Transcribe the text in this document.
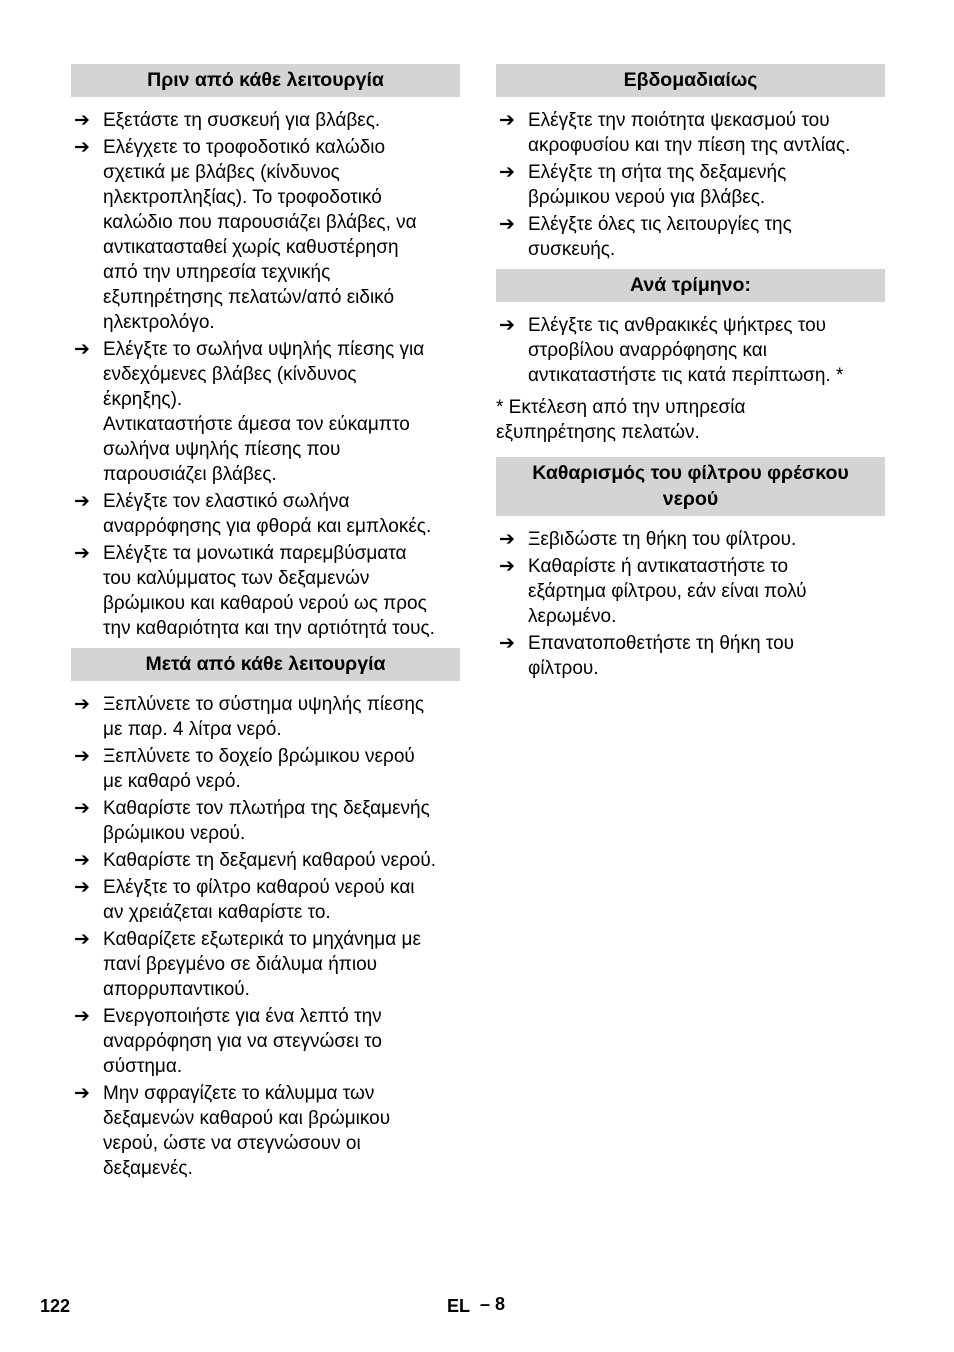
Πριν από κάθε λειτουργία
➔ Εξετάστε τη συσκευή για βλάβες.
➔ Ελέγχετε το τροφοδοτικό καλώδιο
σχετικά με βλάβες (κίνδυνος
ηλεκτροπληξίας). Το τροφοδοτικό
καλώδιο που παρουσιάζει βλάβες, να
αντικατασταθεί χωρίς καθυστέρηση
από την υπηρεσία τεχνικής
εξυπηρέτησης πελατών/από ειδικό
ηλεκτρολόγο.
➔ Ελέγξτε το σωλήνα υψηλής πίεσης για
ενδεχόμενες βλάβες (κίνδυνος
έκρηξης).
Αντικαταστήστε άμεσα τον εύκαμπτο
σωλήνα υψηλής πίεσης που
παρουσιάζει βλάβες.
➔ Ελέγξτε τον ελαστικό σωλήνα
αναρρόφησης για φθορά και εμπλοκές.
➔ Ελέγξτε τα μονωτικά παρεμβύσματα
του καλύμματος των δεξαμενών
βρώμικου και καθαρού νερού ως προς
την καθαριότητα και την αρτιότητά τους.
Μετά από κάθε λειτουργία
➔ Ξεπλύνετε το σύστημα υψηλής πίεσης
με παρ. 4 λίτρα νερό.
➔ Ξεπλύνετε το δοχείο βρώμικου νερού
με καθαρό νερό.
➔ Καθαρίστε τον πλωτήρα της δεξαμενής
βρώμικου νερού.
➔ Καθαρίστε τη δεξαμενή καθαρού νερού.
➔ Ελέγξτε το φίλτρο καθαρού νερού και
αν χρειάζεται καθαρίστε το.
➔ Καθαρίζετε εξωτερικά το μηχάνημα με
πανί βρεγμένο σε διάλυμα ήπιου
απορρυπαντικού.
➔ Ενεργοποιήστε για ένα λεπτό την
αναρρόφηση για να στεγνώσει το
σύστημα.
➔ Μην σφραγίζετε το κάλυμμα των
δεξαμενών καθαρού και βρώμικου
νερού, ώστε να στεγνώσουν οι
δεξαμενές.
Εβδομαδιαίως
➔ Ελέγξτε την ποιότητα ψεκασμού του
ακροφυσίου και την πίεση της αντλίας.
➔ Ελέγξτε τη σήτα της δεξαμενής
βρώμικου νερού για βλάβες.
➔ Ελέγξτε όλες τις λειτουργίες της
συσκευής.
Ανά τρίμηνο:
➔ Ελέγξτε τις ανθρακικές ψήκτρες του
στροβίλου αναρρόφησης και
αντικαταστήστε τις κατά περίπτωση. *
* Εκτέλεση από την υπηρεσία
εξυπηρέτησης πελατών.
Καθαρισμός του φίλτρου φρέσκου
νερού
➔ Ξεβιδώστε τη θήκη του φίλτρου.
➔ Καθαρίστε ή αντικαταστήστε το
εξάρτημα φίλτρου, εάν είναι πολύ
λερωμένο.
➔ Επανατοποθετήστε τη θήκη του
φίλτρου.
122	EL – 8
